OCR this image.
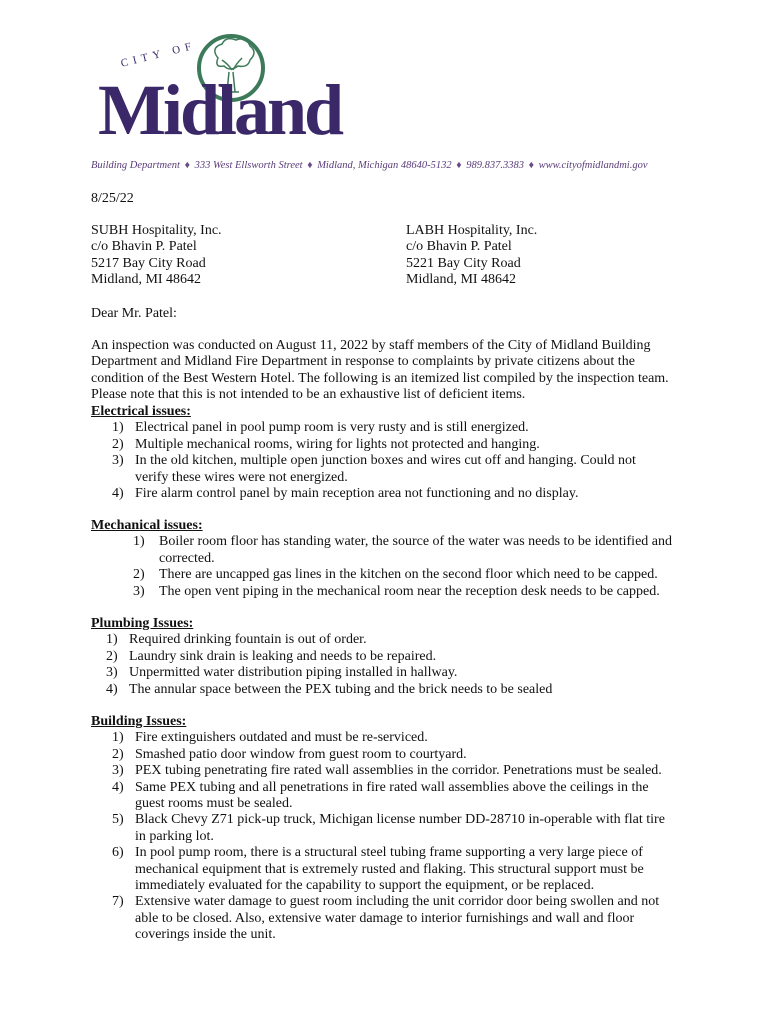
CITY OF
Midland
Building Department ♦ 333 West Ellsworth Street ♦ Midland, Michigan 48640-5132 ♦ 989.837.3383 ♦ www.cityofmidlandmi.gov
8/25/22
SUBH Hospitality, Inc.
c/o Bhavin P. Patel
5217 Bay City Road
Midland, MI 48642
LABH Hospitality, Inc.
c/o Bhavin P. Patel
5221 Bay City Road
Midland, MI 48642
Dear Mr. Patel:
An inspection was conducted on August 11, 2022 by staff members of the City of Midland Building Department and Midland Fire Department in response to complaints by private citizens about the condition of the Best Western Hotel. The following is an itemized list compiled by the inspection team. Please note that this is not intended to be an exhaustive list of deficient items.
Electrical issues:
1) Electrical panel in pool pump room is very rusty and is still energized.
2) Multiple mechanical rooms, wiring for lights not protected and hanging.
3) In the old kitchen, multiple open junction boxes and wires cut off and hanging. Could not verify these wires were not energized.
4) Fire alarm control panel by main reception area not functioning and no display.
Mechanical issues:
1) Boiler room floor has standing water, the source of the water was needs to be identified and corrected.
2) There are uncapped gas lines in the kitchen on the second floor which need to be capped.
3) The open vent piping in the mechanical room near the reception desk needs to be capped.
Plumbing Issues:
1) Required drinking fountain is out of order.
2) Laundry sink drain is leaking and needs to be repaired.
3) Unpermitted water distribution piping installed in hallway.
4) The annular space between the PEX tubing and the brick needs to be sealed
Building Issues:
1) Fire extinguishers outdated and must be re-serviced.
2) Smashed patio door window from guest room to courtyard.
3) PEX tubing penetrating fire rated wall assemblies in the corridor. Penetrations must be sealed.
4) Same PEX tubing and all penetrations in fire rated wall assemblies above the ceilings in the guest rooms must be sealed.
5) Black Chevy Z71 pick-up truck, Michigan license number DD-28710 in-operable with flat tire in parking lot.
6) In pool pump room, there is a structural steel tubing frame supporting a very large piece of mechanical equipment that is extremely rusted and flaking. This structural support must be immediately evaluated for the capability to support the equipment, or be replaced.
7) Extensive water damage to guest room including the unit corridor door being swollen and not able to be closed. Also, extensive water damage to interior furnishings and wall and floor coverings inside the unit.
